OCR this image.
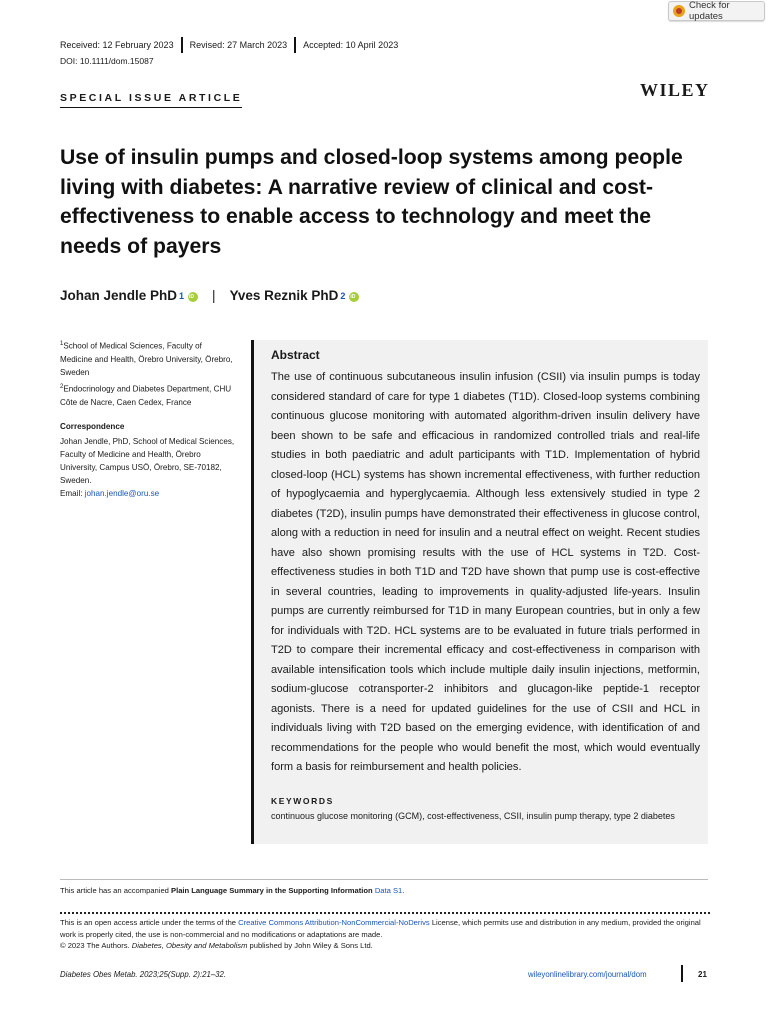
Check for updates
Received: 12 February 2023	Revised: 27 March 2023	Accepted: 10 April 2023
DOI: 10.1111/dom.15087
SPECIAL ISSUE ARTICLE	WILEY
Use of insulin pumps and closed-loop systems among people living with diabetes: A narrative review of clinical and cost-effectiveness to enable access to technology and meet the needs of payers
Johan Jendle PhD 1
iD | Yves Reznik PhD 2
iD

$^1$School of Medical Sciences, Faculty of Medicine and Health, Örebro University, Örebro, Sweden

$^2$Endocrinology and Diabetes Department, CHU Côte de Nacre, Caen Cedex, France

Correspondence

Johan Jendle, PhD, School of Medical Sciences, Faculty of Medicine and Health, Örebro University, Campus USÖ, Örebro, SE-70182, Sweden.
Email: johan.jendle@oru.se

Abstract

The use of continuous subcutaneous insulin infusion (CSII) via insulin pumps is today considered standard of care for type 1 diabetes (T1D). Closed-loop systems combining continuous glucose monitoring with automated algorithm-driven insulin delivery have been shown to be safe and efficacious in randomized controlled trials and real-life studies in both paediatric and adult participants with T1D. Implementation of hybrid closed-loop (HCL) systems has shown incremental effectiveness, with further reduction of hypoglycaemia and hyperglycaemia. Although less extensively studied in type 2 diabetes (T2D), insulin pumps have demonstrated their effectiveness in glucose control, along with a reduction in need for insulin and a neutral effect on weight. Recent studies have also shown promising results with the use of HCL systems in T2D. Cost-effectiveness studies in both T1D and T2D have shown that pump use is cost-effective in several countries, leading to improvements in quality-adjusted life-years. Insulin pumps are currently reimbursed for T1D in many European countries, but in only a few for individuals with T2D. HCL systems are to be evaluated in future trials performed in T2D to compare their incremental efficacy and cost-effectiveness in comparison with available intensification tools which include multiple daily insulin injections, metformin, sodium-glucose cotransporter-2 inhibitors and glucagon-like peptide-1 receptor agonists. There is a need for updated guidelines for the use of CSII and HCL in individuals living with T2D based on the emerging evidence, with identification of and recommendations for the people who would benefit the most, which would eventually form a basis for reimbursement and health policies.

KEYWORDS

continuous glucose monitoring (GCM), cost-effectiveness, CSII, insulin pump therapy, type 2 diabetes

This article has an accompanied Plain Language Summary in the Supporting Information Data S1.

This is an open access article under the terms of the Creative Commons Attribution-NonCommercial-NoDerivs License, which permits use and distribution in any medium, provided the original work is properly cited, the use is non-commercial and no modifications or adaptations are made.
© 2023 The Authors. Diabetes, Obesity and Metabolism published by John Wiley & Sons Ltd.

Diabetes Obes Metab. 2023;25(Supp. 2):21–32.	wileyonlinelibrary.com/journal/dom	21
